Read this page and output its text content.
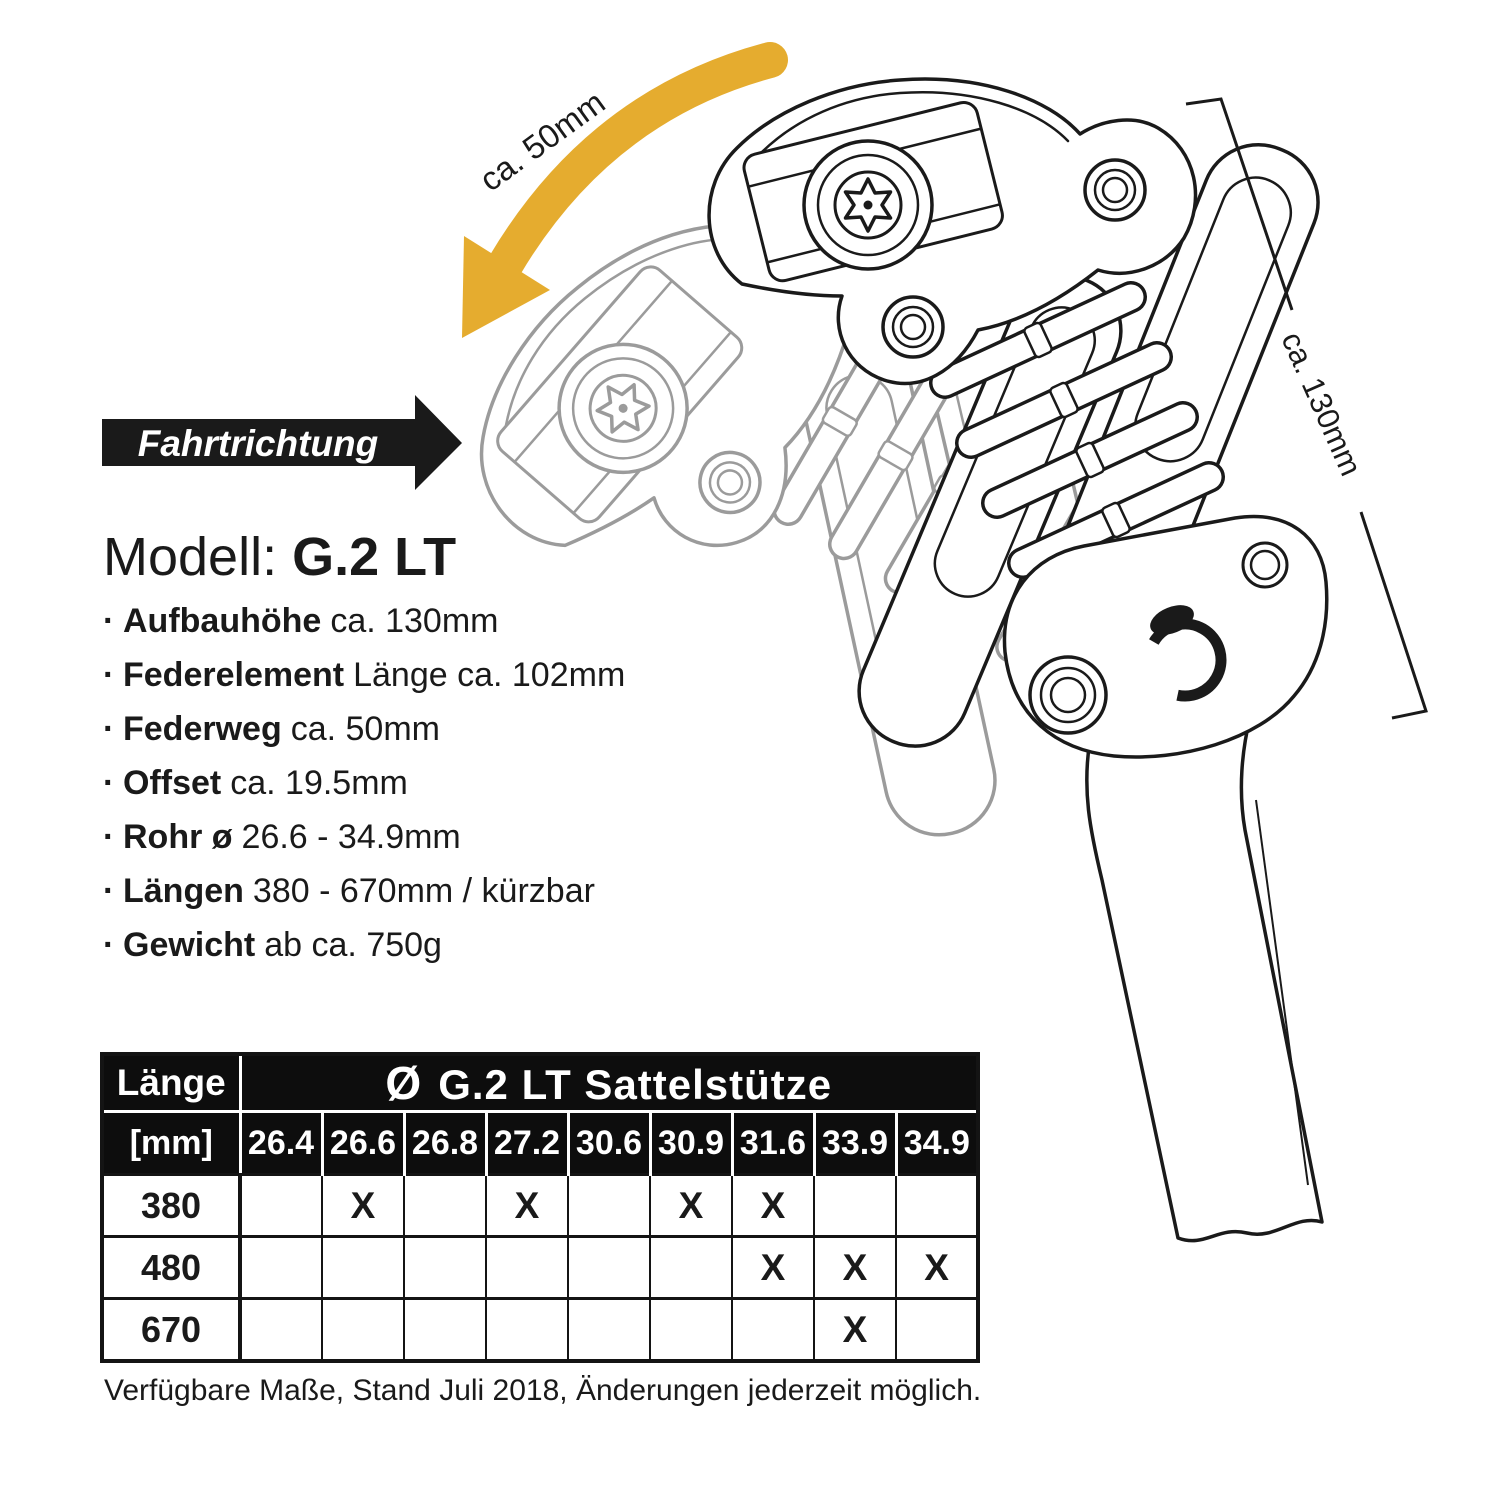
ca. 130mm
ca. 50mm
Fahrtrichtung
Modell: G.2 LT
· Aufbauhöhe ca. 130mm
· Federelement Länge ca. 102mm
· Federweg ca. 50mm
· Offset ca. 19.5mm
· Rohr ø 26.6 - 34.9mm
· Längen 380 - 670mm / kürzbar
· Gewicht ab ca. 750g
Länge	Ø G.2 LT Sattelstütze								
[mm]	26.4	26.6	26.8	27.2	30.6	30.9	31.6	33.9	34.9
380		X		X		X	X		
480							X	X	X
670								X	
Verfügbare Maße, Stand Juli 2018, Änderungen jederzeit möglich.
